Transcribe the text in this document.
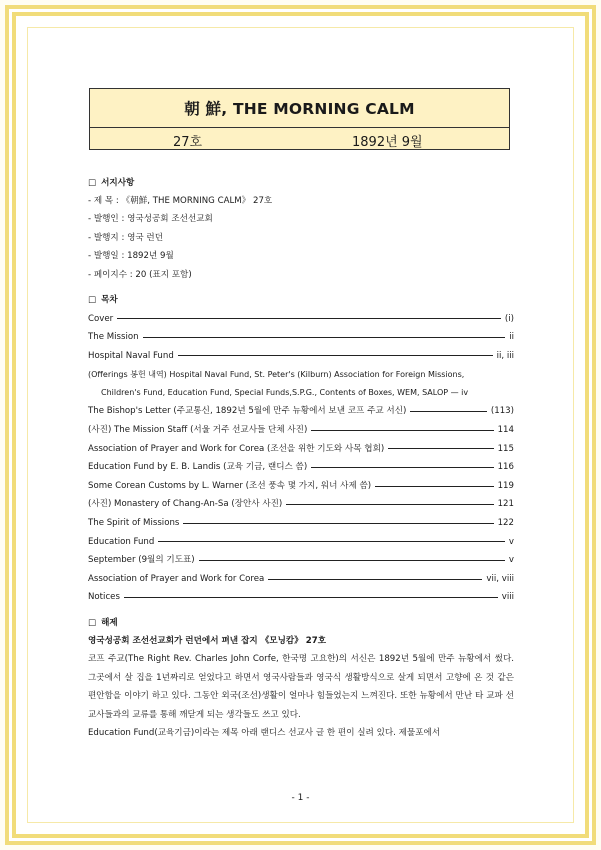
朝 鮮, THE MORNING CALM
27호	1892년 9월
□ 서지사항
- 제 목 : 《朝鮮, THE MORNING CALM》 27호
- 발행인 : 영국성공회 조선선교회
- 발행지 : 영국 런던
- 발행일 : 1892년 9월
- 페이지수 : 20 (표지 포함)
□ 목차
Cover	(i)
The Mission	ii
Hospital Naval Fund	ii, iii
(Offerings 봉헌 내역) Hospital Naval Fund, St. Peter's (Kilburn) Association for Foreign Missions,
Children's Fund, Education Fund, Special Funds,S.P.G., Contents of Boxes, WEM, SALOP — iv
The Bishop's Letter (주교통신, 1892년 5월에 만주 뉴황에서 보낸 코프 주교 서신)	(113)
(사진) The Mission Staff (서울 거주 선교사들 단체 사진)	114
Association of Prayer and Work for Corea (조선을 위한 기도와 사목 협회)	115
Education Fund by E. B. Landis (교육 기금, 랜디스 씀)	116
Some Corean Customs by L. Warner (조선 풍속 몇 가지, 워너 사제 씀)	119
(사진) Monastery of Chang-An-Sa (장안사 사진)	121
The Spirit of Missions	122
Education Fund	v
September (9월의 기도표)	v
Association of Prayer and Work for Corea	vii, viii
Notices	viii
□ 해제
영국성공회 조선선교회가 런던에서 펴낸 잡지 《모닝캄》 27호
코프 주교(The Right Rev. Charles John Corfe, 한국명 고요한)의 서신은 1892년 5월에 만주 뉴황에서 썼다. 그곳에서 살 집을 1년짜리로 얻었다고 하면서 영국사람들과 영국식 생활방식으로 살게 되면서 고향에 온 것 같은 편안함을 이야기 하고 있다. 그동안 외국(조선)생활이 얼마나 힘들었는지 느껴진다. 또한 뉴황에서 만난 타 교파 선교사들과의 교류를 통해 깨닫게 되는 생각들도 쓰고 있다.
Education Fund(교육기금)이라는 제목 아래 랜디스 선교사 글 한 편이 실려 있다. 제물포에서
- 1 -
